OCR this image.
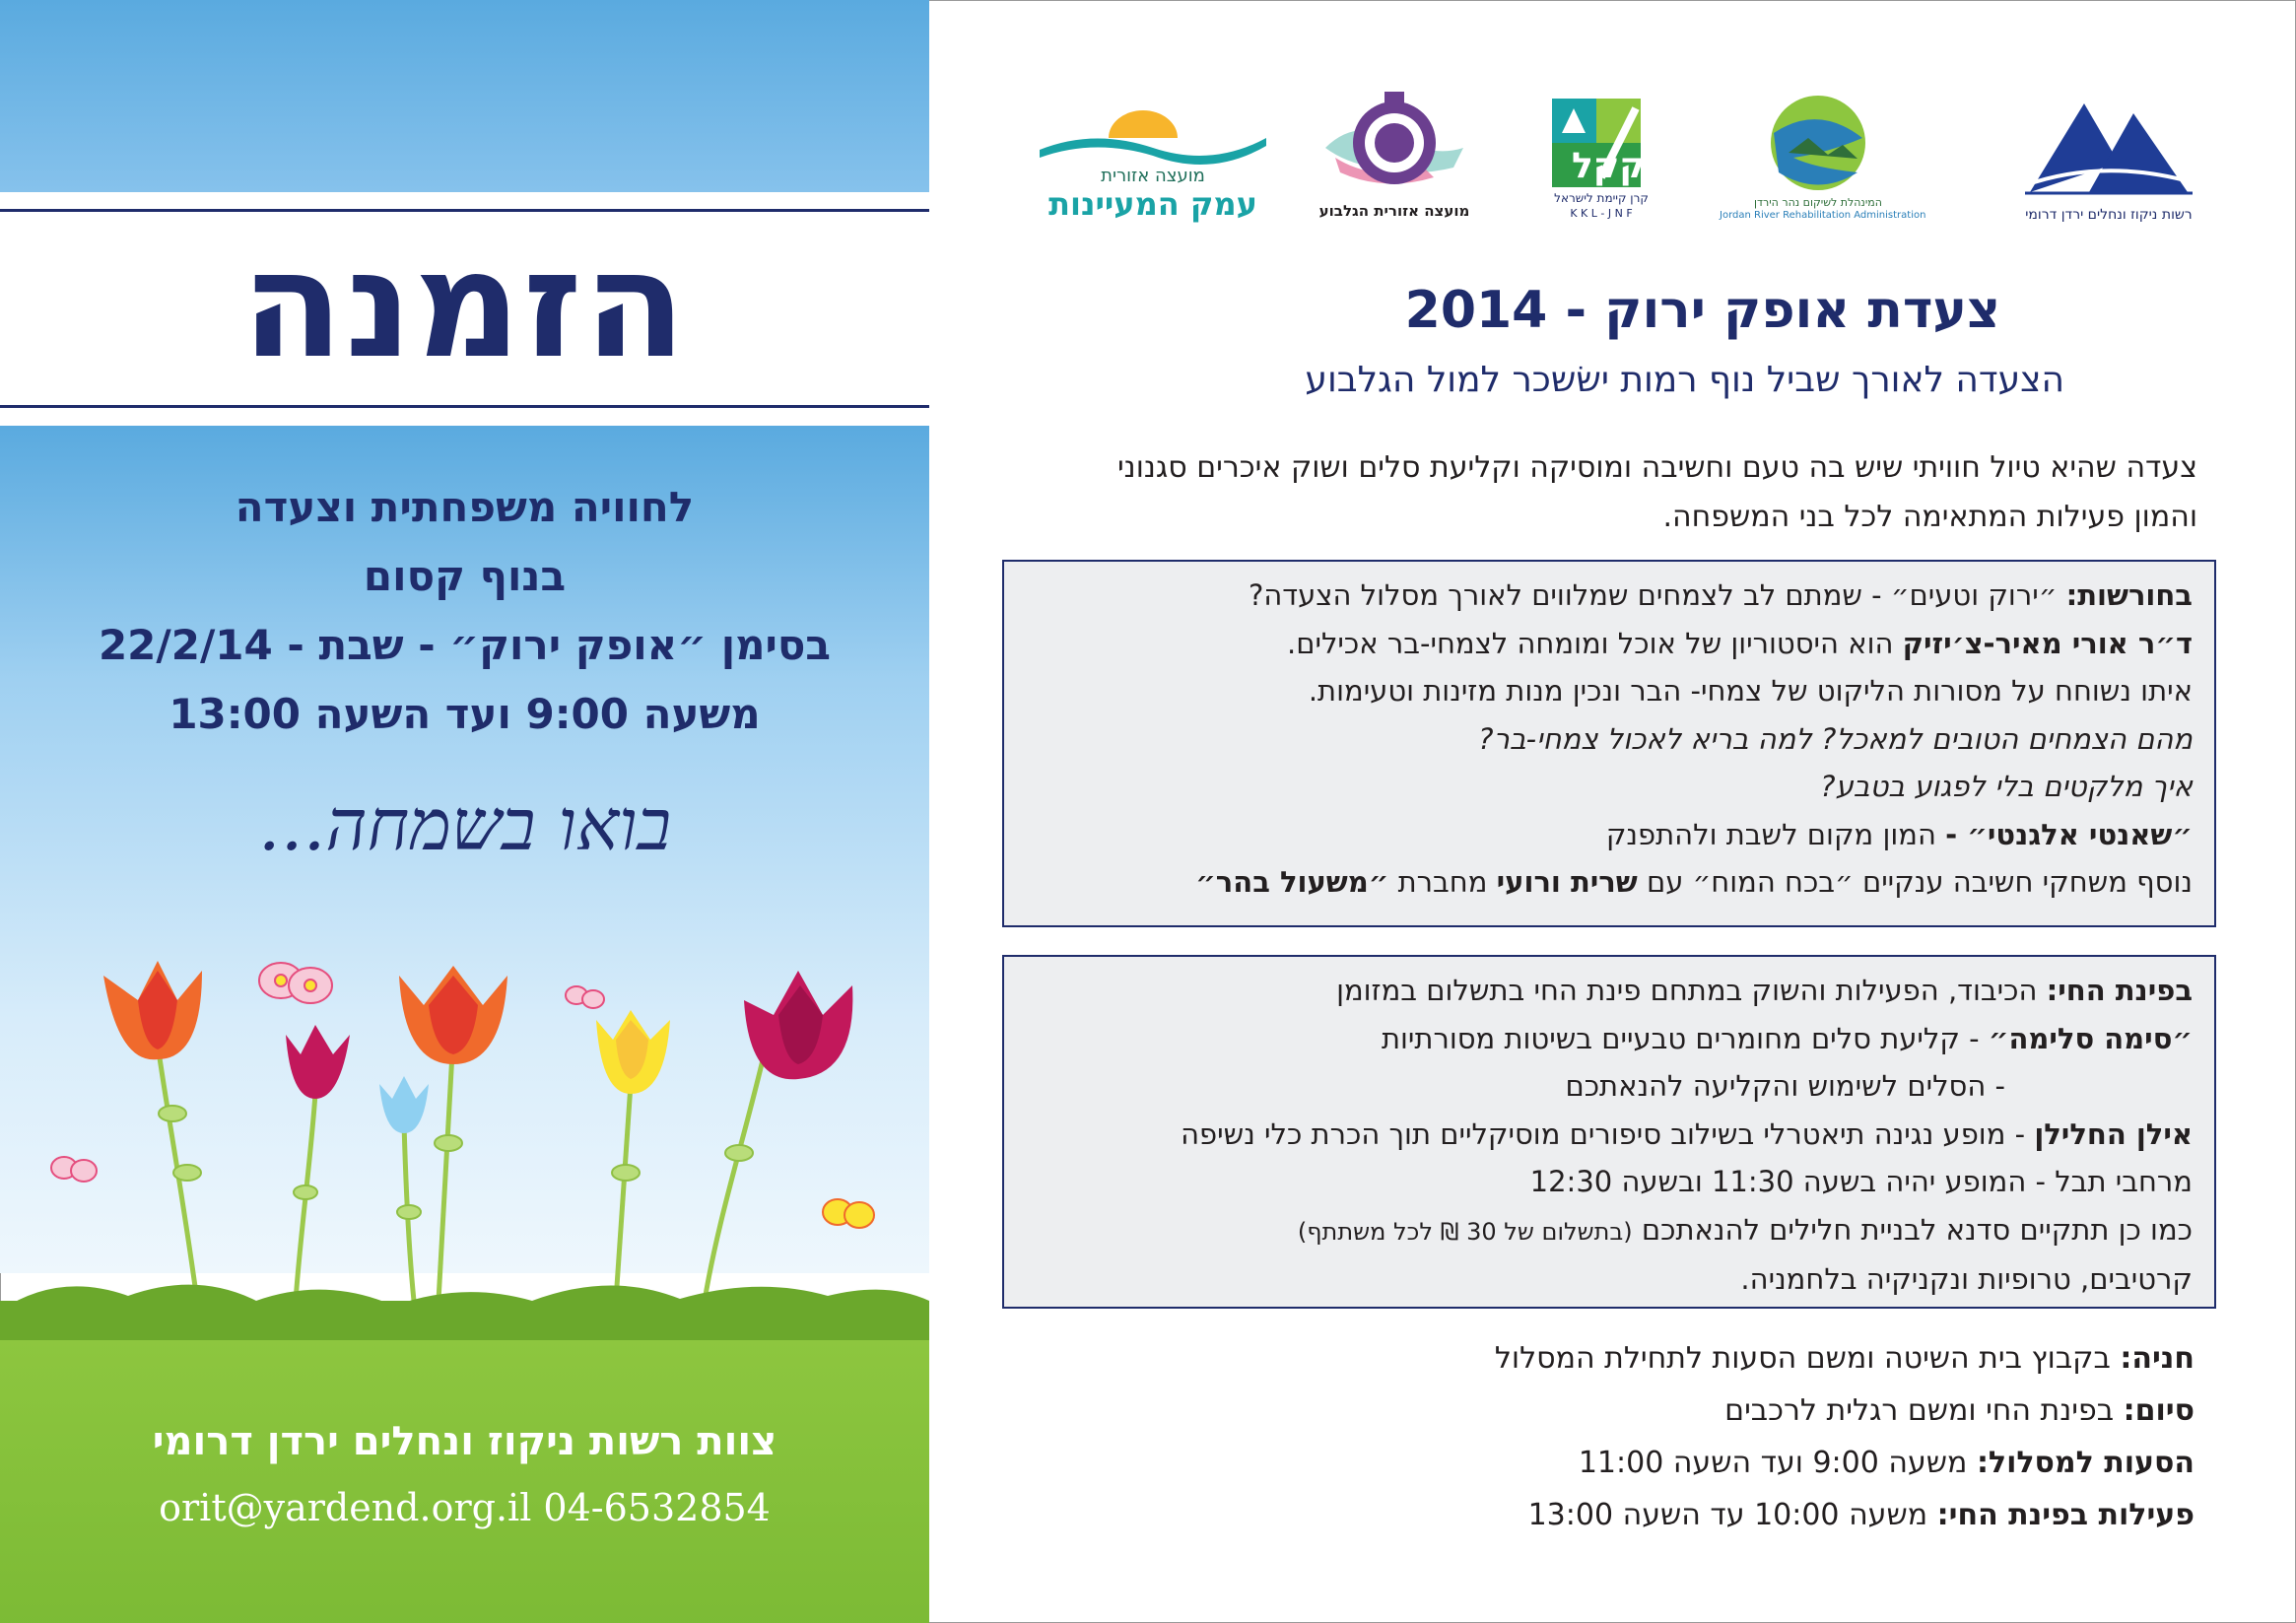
הזמנה
לחוויה משפחתית וצעדה
בנוף קסום
בסימן ״אופק ירוק״ - שבת - 22/2/14
משעה 9:00 ועד השעה 13:00
בואו בשמחה...
צוות רשות ניקוז ונחלים ירדן דרומי
orit@yardend.org.il 04-6532854
מועצה אזורית
עמק המעיינות	מועצה אזורית הגלבוע
קקל
קרן קיימת לישראל
K K L - J N F
המינהלת לשיקום נהר הירדן
Jordan River Rehabilitation Administration	רשות ניקוז ונחלים ירדן דרומי
צעדת אופק ירוק - 2014
הצעדה לאורך שביל נוף רמות ישׂשכר למול הגלבוע
צעדה שהיא טיול חוויתי שיש בה טעם וחשיבה ומוסיקה וקליעת סלים ושוק איכרים סגנוני והמון פעילות המתאימה לכל בני המשפחה.
בחורשות: ״ירוק וטעים״ - שמתם לב לצמחים שמלווים לאורך מסלול הצעדה?
ד״ר אורי מאיר-צ׳יזיק הוא היסטוריון של אוכל ומומחה לצמחי-בר אכילים.
איתו נשוחח על מסורות הליקוט של צמחי- הבר ונכין מנות מזינות וטעימות.
מהם הצמחים הטובים למאכל? למה בריא לאכול צמחי-בר?
איך מלקטים בלי לפגוע בטבע?
״שאנטי אלגנטי״ - המון מקום לשבת ולהתפנק
נוסף משחקי חשיבה ענקיים ״בכח המוח״ עם שרית ורועי מחברת ״משעול בהר״
בפינת החי: הכיבוד, הפעילות והשוק במתחם פינת החי בתשלום במזומן
״סימה סלימה״ - קליעת סלים מחומרים טבעיים בשיטות מסורתיות
- הסלים לשימוש והקליעה להנאתכם
אילן החלילן - מופע נגינה תיאטרלי בשילוב סיפורים מוסיקליים תוך הכרת כלי נשיפה
מרחבי תבל - המופע יהיה בשעה 11:30 ובשעה 12:30
כמו כן תתקיים סדנא לבניית חלילים להנאתכם (בתשלום של 30 ₪ לכל משתתף)
קרטיבים, טרופיות ונקניקיה בלחמניה.
חניה: בקבוץ בית השיטה ומשם הסעות לתחילת המסלול
סיום: בפינת החי ומשם רגלית לרכבים
הסעות למסלול: משעה 9:00 ועד השעה 11:00
פעילות בפינת החי: משעה 10:00 עד השעה 13:00
